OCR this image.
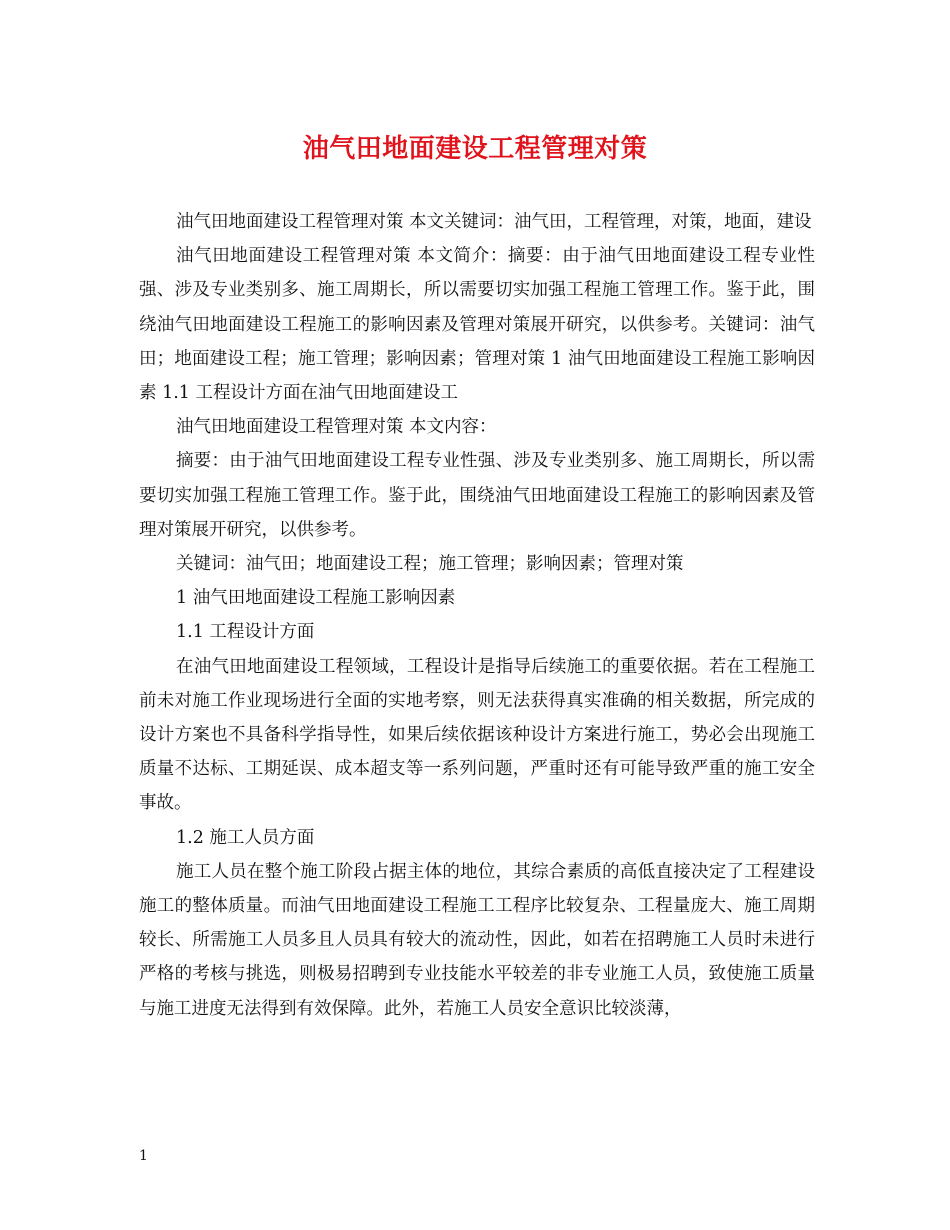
油气田地面建设工程管理对策

油气田地面建设工程管理对策 本文关键词：油气田，工程管理，对策，地面，建设

油气田地面建设工程管理对策 本文简介：摘要：由于油气田地面建设工程专业性强、涉及专业类别多、施工周期长，所以需要切实加强工程施工管理工作。鉴于此，围绕油气田地面建设工程施工的影响因素及管理对策展开研究，以供参考。关键词：油气田；地面建设工程；施工管理；影响因素；管理对策 1 油气田地面建设工程施工影响因素 1.1 工程设计方面在油气田地面建设工

油气田地面建设工程管理对策 本文内容：

摘要：由于油气田地面建设工程专业性强、涉及专业类别多、施工周期长，所以需要切实加强工程施工管理工作。鉴于此，围绕油气田地面建设工程施工的影响因素及管理对策展开研究，以供参考。

关键词：油气田；地面建设工程；施工管理；影响因素；管理对策

1 油气田地面建设工程施工影响因素

1.1 工程设计方面

在油气田地面建设工程领域，工程设计是指导后续施工的重要依据。若在工程施工前未对施工作业现场进行全面的实地考察，则无法获得真实准确的相关数据，所完成的设计方案也不具备科学指导性，如果后续依据该种设计方案进行施工，势必会出现施工质量不达标、工期延误、成本超支等一系列问题，严重时还有可能导致严重的施工安全事故。

1.2 施工人员方面

施工人员在整个施工阶段占据主体的地位，其综合素质的高低直接决定了工程建设施工的整体质量。而油气田地面建设工程施工工程序比较复杂、工程量庞大、施工周期较长、所需施工人员多且人员具有较大的流动性，因此，如若在招聘施工人员时未进行严格的考核与挑选，则极易招聘到专业技能水平较差的非专业施工人员，致使施工质量与施工进度无法得到有效保障。此外，若施工人员安全意识比较淡薄，

1
